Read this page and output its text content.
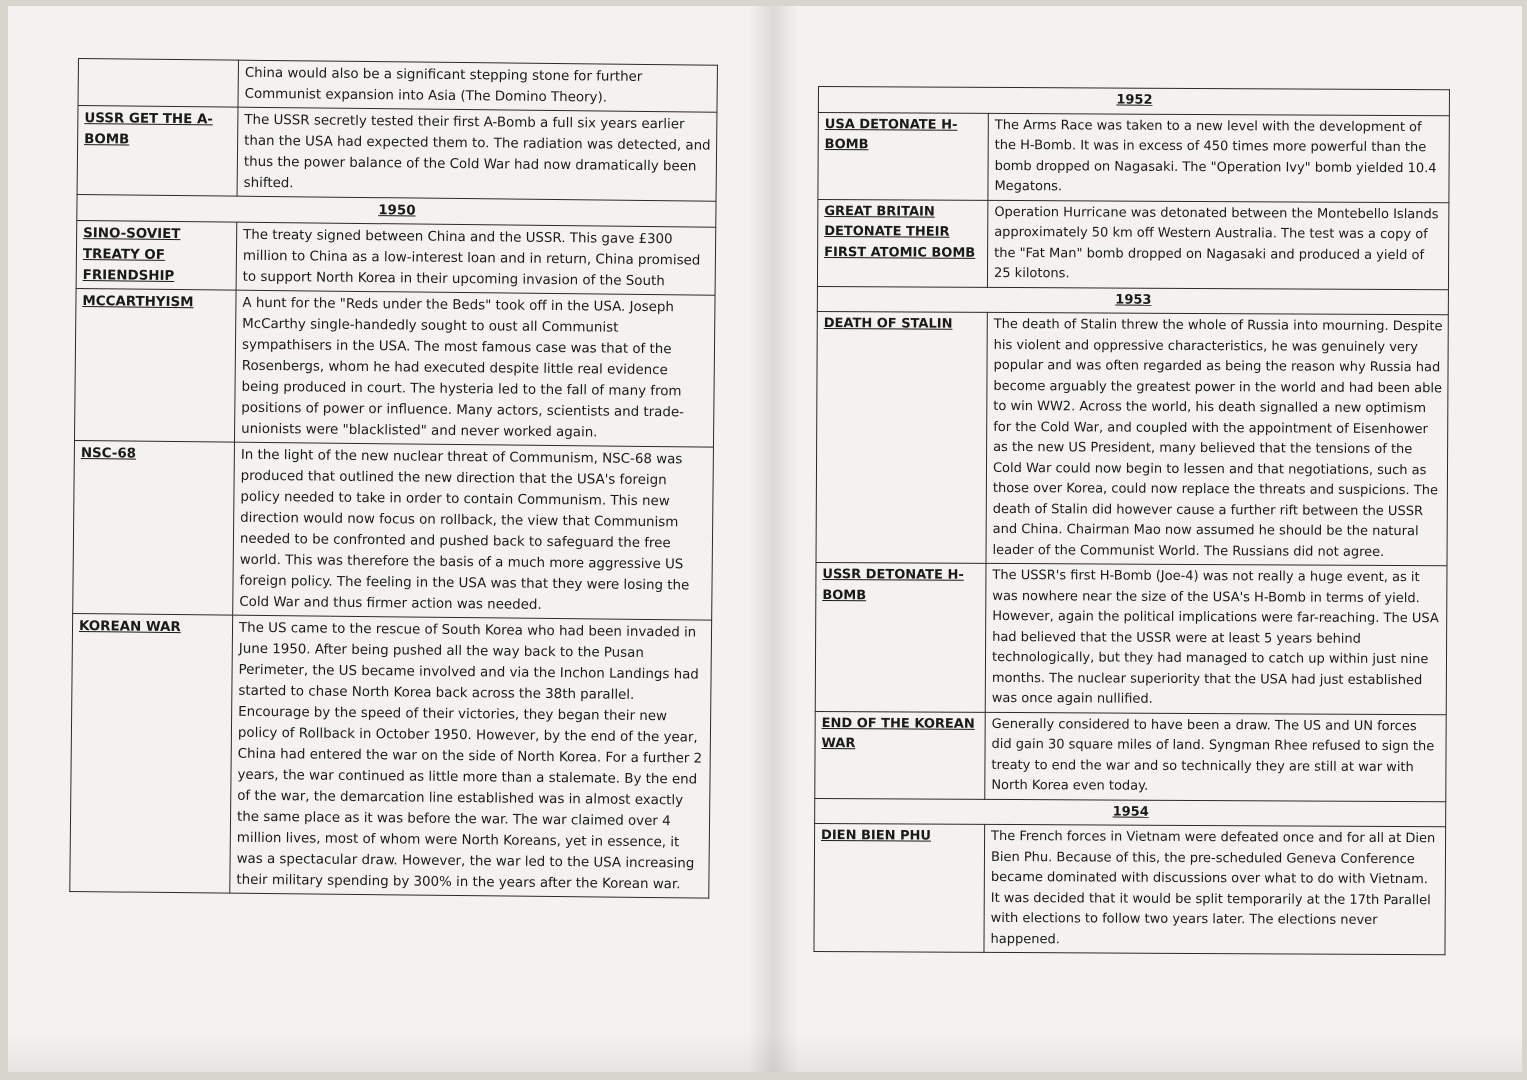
	China would also be a significant stepping stone for further Communist expansion into Asia (The Domino Theory).
USSR GET THE A-BOMB	The USSR secretly tested their first A-Bomb a full six years earlier than the USA had expected them to. The radiation was detected, and thus the power balance of the Cold War had now dramatically been shifted.
1950	
SINO-SOVIET TREATY OF FRIENDSHIP	The treaty signed between China and the USSR. This gave £300 million to China as a low-interest loan and in return, China promised to support North Korea in their upcoming invasion of the South
MCCARTHYISM	A hunt for the "Reds under the Beds" took off in the USA. Joseph McCarthy single-handedly sought to oust all Communist sympathisers in the USA. The most famous case was that of the Rosenbergs, whom he had executed despite little real evidence being produced in court. The hysteria led to the fall of many from positions of power or influence. Many actors, scientists and trade-unionists were "blacklisted" and never worked again.
NSC-68	In the light of the new nuclear threat of Communism, NSC-68 was produced that outlined the new direction that the USA's foreign policy needed to take in order to contain Communism. This new direction would now focus on rollback, the view that Communism needed to be confronted and pushed back to safeguard the free world. This was therefore the basis of a much more aggressive US foreign policy. The feeling in the USA was that they were losing the Cold War and thus firmer action was needed.
KOREAN WAR	The US came to the rescue of South Korea who had been invaded in June 1950. After being pushed all the way back to the Pusan Perimeter, the US became involved and via the Inchon Landings had started to chase North Korea back across the 38th parallel. Encourage by the speed of their victories, they began their new policy of Rollback in October 1950. However, by the end of the year, China had entered the war on the side of North Korea. For a further 2 years, the war continued as little more than a stalemate. By the end of the war, the demarcation line established was in almost exactly the same place as it was before the war. The war claimed over 4 million lives, most of whom were North Koreans, yet in essence, it was a spectacular draw. However, the war led to the USA increasing their military spending by 300% in the years after the Korean war.
1952	
USA DETONATE H-BOMB	The Arms Race was taken to a new level with the development of the H-Bomb. It was in excess of 450 times more powerful than the bomb dropped on Nagasaki. The "Operation Ivy" bomb yielded 10.4 Megatons.
GREAT BRITAIN DETONATE THEIR FIRST ATOMIC BOMB	Operation Hurricane was detonated between the Montebello Islands approximately 50 km off Western Australia. The test was a copy of the "Fat Man" bomb dropped on Nagasaki and produced a yield of 25 kilotons.
1953	
DEATH OF STALIN	The death of Stalin threw the whole of Russia into mourning. Despite his violent and oppressive characteristics, he was genuinely very popular and was often regarded as being the reason why Russia had become arguably the greatest power in the world and had been able to win WW2. Across the world, his death signalled a new optimism for the Cold War, and coupled with the appointment of Eisenhower as the new US President, many believed that the tensions of the Cold War could now begin to lessen and that negotiations, such as those over Korea, could now replace the threats and suspicions. The death of Stalin did however cause a further rift between the USSR and China. Chairman Mao now assumed he should be the natural leader of the Communist World. The Russians did not agree.
USSR DETONATE H-BOMB	The USSR's first H-Bomb (Joe-4) was not really a huge event, as it was nowhere near the size of the USA's H-Bomb in terms of yield. However, again the political implications were far-reaching. The USA had believed that the USSR were at least 5 years behind technologically, but they had managed to catch up within just nine months. The nuclear superiority that the USA had just established was once again nullified.
END OF THE KOREAN WAR	Generally considered to have been a draw. The US and UN forces did gain 30 square miles of land. Syngman Rhee refused to sign the treaty to end the war and so technically they are still at war with North Korea even today.
1954	
DIEN BIEN PHU	The French forces in Vietnam were defeated once and for all at Dien Bien Phu. Because of this, the pre-scheduled Geneva Conference became dominated with discussions over what to do with Vietnam. It was decided that it would be split temporarily at the 17th Parallel with elections to follow two years later. The elections never happened.
